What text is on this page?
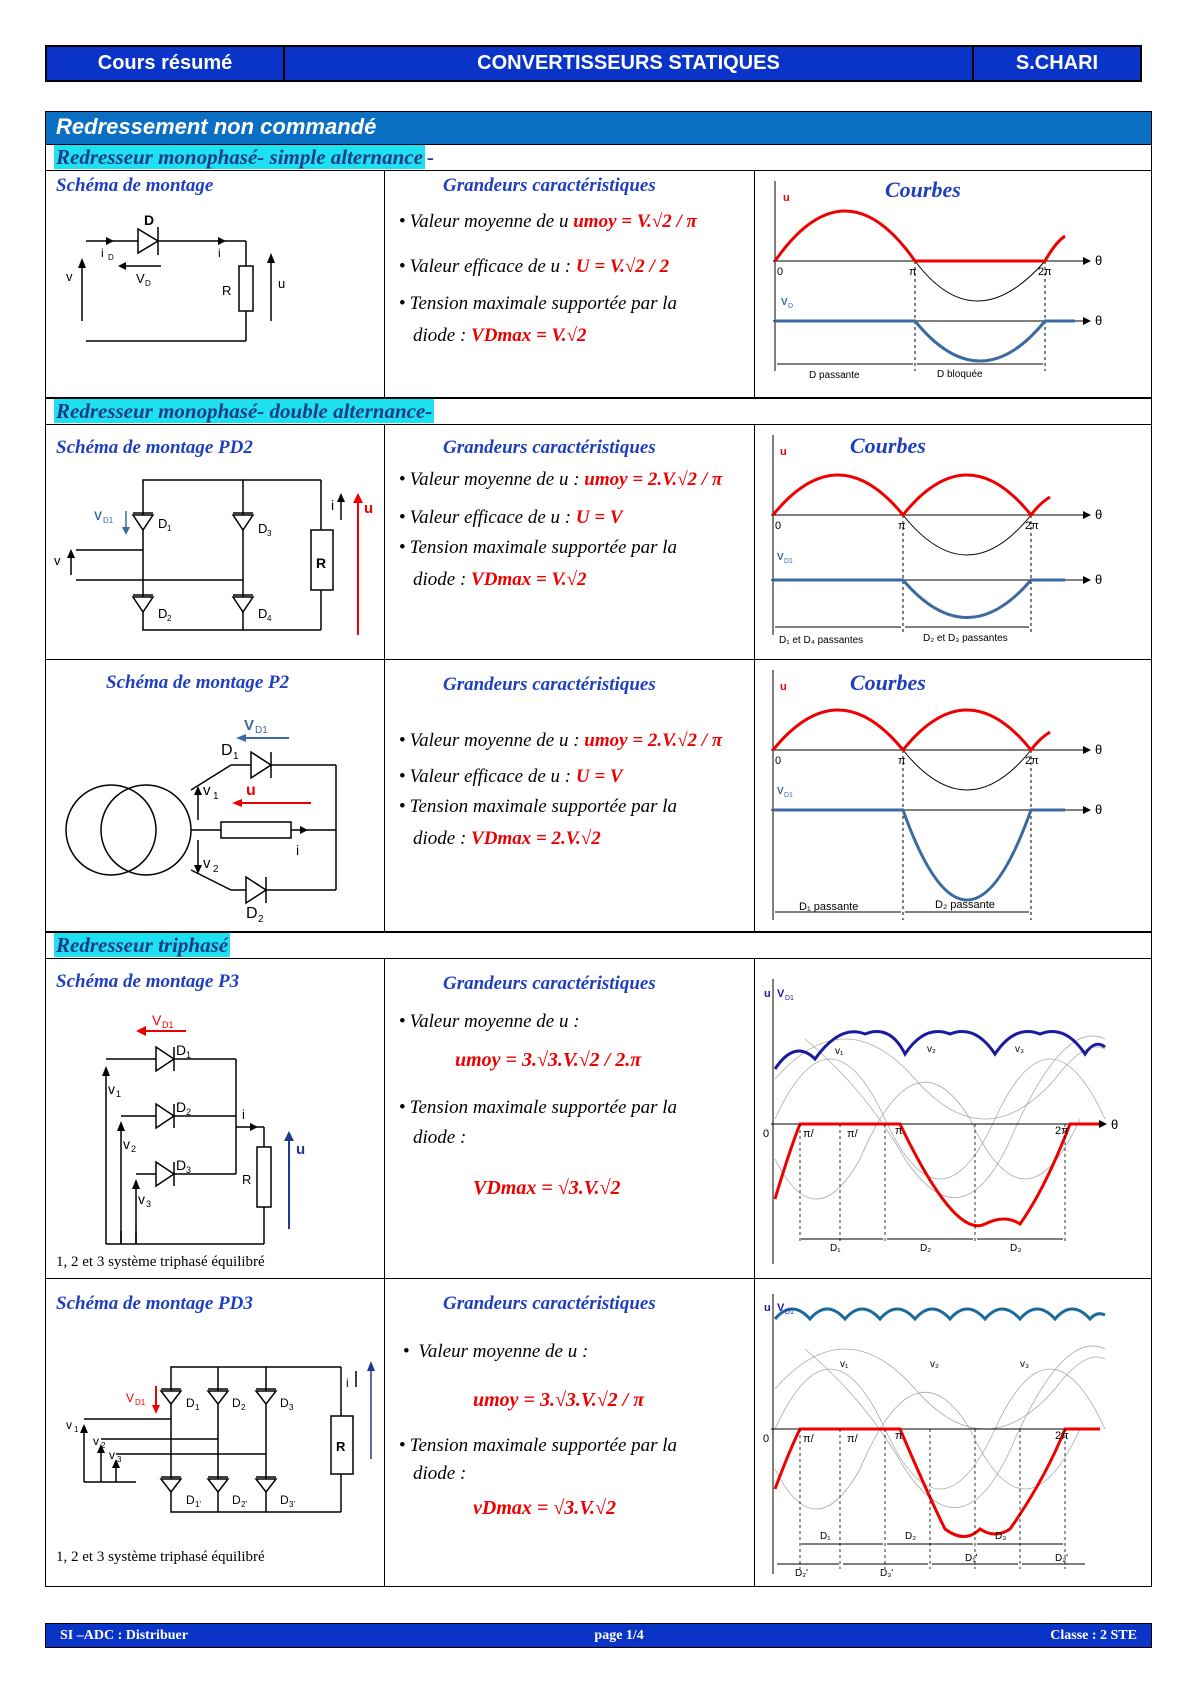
Cours résumé	CONVERTISSEURS STATIQUES	S.CHARI
Redressement non commandé
Redresseur monophasé- simple alternance -
Schéma de montage
D
i D	i
V D
v
R	u
Grandeurs caractéristiques
• Valeur moyenne de u umoy = V.√2 / π
• Valeur efficace de u : U = V.√2 / 2
• Tension maximale supportée par la
diode : VDmax = V.√2
Courbes
u
V D
0	π	2π
θ
θ
D passante	D bloquée
Redresseur monophasé- double alternance-
Schéma de montage PD2
V D1	D 1	D 3
D 2	D 4
v	R
i u
Grandeurs caractéristiques
• Valeur moyenne de u : umoy = 2.V.√2 / π
• Valeur efficace de u : U = V
• Tension maximale supportée par la
diode : VDmax = V.√2
Courbes
u
V D1
0	π	2π
θ
θ
D₁ et D₄ passantes	D₂ et D₃ passantes
Schéma de montage P2
V D1
D 1
u
v 1
v 2
i
D 2
Grandeurs caractéristiques
• Valeur moyenne de u : umoy = 2.V.√2 / π
• Valeur efficace de u : U = V
• Tension maximale supportée par la
diode : VDmax = 2.V.√2
Courbes
u
V D1
0	π	2π
θ
θ
D₁ passante	D₂ passante
Redresseur triphasé
Schéma de montage P3
V D1
D 1
D 2
D 3
v 1
v 2
v 3
i
R
u
1, 2 et 3 système triphasé équilibré
Grandeurs caractéristiques
• Valeur moyenne de u :
umoy = 3.√3.V.√2 / 2.π
• Tension maximale supportée par la
diode :
VDmax = √3.V.√2
u V D1
0	π/	π/	π	2π	θ
v₁	v₂	v₃
D₁	D₂	D₃
Schéma de montage PD3
V D1	D 1	D 2	D 3
D 1'	D 2'	D 3'
v 1
v 2
v 3
i
R
1, 2 et 3 système triphasé équilibré
Grandeurs caractéristiques
• Valeur moyenne de u :
umoy = 3.√3.V.√2 / π
• Tension maximale supportée par la
diode :
vDmax = √3.V.√2
u V D1
0	π/	π/	π	2π
v₁	v₂	v₃
D₁	D₂	D₃
D₂'	D₃'
D₁'	D₂'
SI –ADC : Distribuer	page 1/4	Classe : 2 STE
